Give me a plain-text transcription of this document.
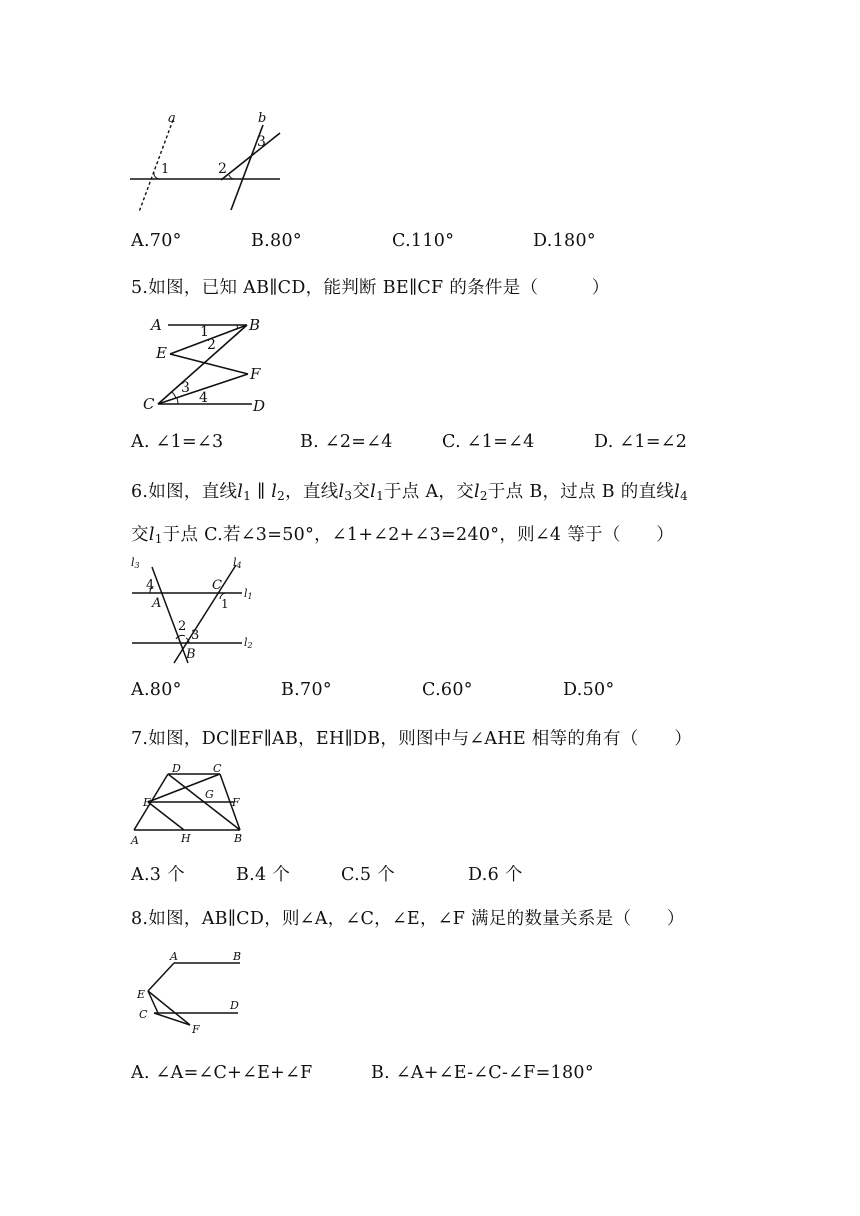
a	b
1	2
3
A.70°	B.80°	C.110°	D.180°
5.如图，已知 AB∥CD，能判断 BE∥CF 的条件是（　　　）
A	B
E
F
C	D
1
2
3
4
A. ∠1=∠3	B. ∠2=∠4	C. ∠1=∠4	D. ∠1=∠2
6.如图，直线$l_1$ ∥ $l_2$，直线$l_3$交$l_1$于点 A，交$l_2$于点 B，过点 B 的直线$l_4$
交$l_1$于点 C.若∠3=50°，∠1+∠2+∠3=240°，则∠4 等于（　　）
l3	l4
l1
l2
4
A
C
1
2
3
B
A.80°	B.70°	C.60°	D.50°
7.如图，DC∥EF∥AB，EH∥DB，则图中与∠AHE 相等的角有（　　）
D	C
E
G
F
A	H	B
A.3 个	B.4 个	C.5 个	D.6 个
8.如图，AB∥CD，则∠A，∠C，∠E，∠F 满足的数量关系是（　　）
A	B
E
D
C
F
A. ∠A=∠C+∠E+∠F	B. ∠A+∠E-∠C-∠F=180°
